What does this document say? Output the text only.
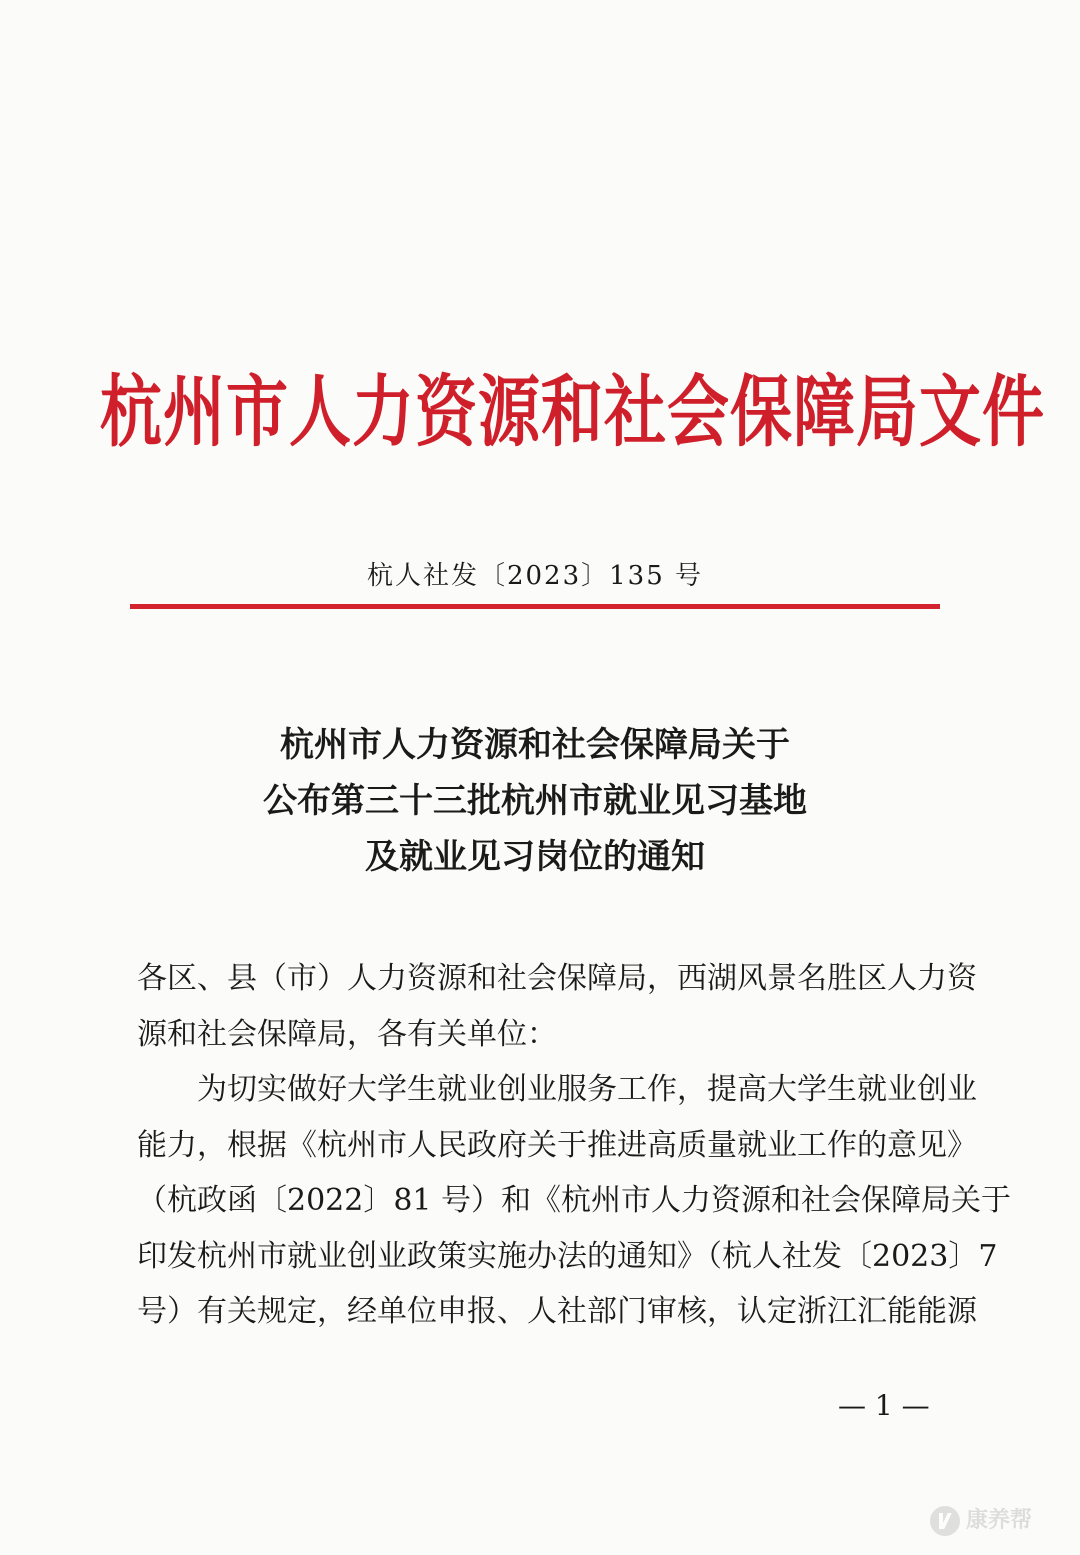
杭州市人力资源和社会保障局文件
杭人社发〔2023〕135 号
杭州市人力资源和社会保障局关于
公布第三十三批杭州市就业见习基地
及就业见习岗位的通知
各区、县（市）人力资源和社会保障局，西湖风景名胜区人力资
源和社会保障局，各有关单位：
　　为切实做好大学生就业创业服务工作，提高大学生就业创业
能力，根据《杭州市人民政府关于推进高质量就业工作的意见》
（杭政函〔2022〕81 号）和《杭州市人力资源和社会保障局关于
印发杭州市就业创业政策实施办法的通知》（杭人社发〔2023〕7
号）有关规定，经单位申报、人社部门审核，认定浙江汇能能源
— 1 —
康养帮
